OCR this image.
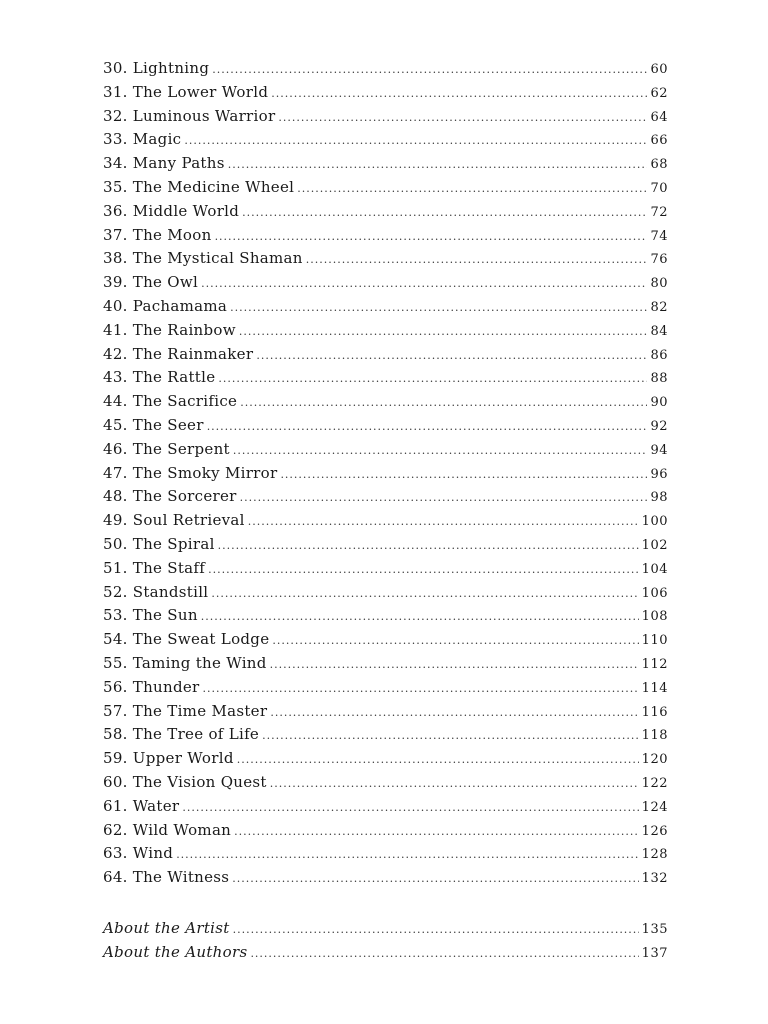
30. Lightning .....	60
31. The Lower World .....	62
32. Luminous Warrior .....	64
33. Magic .....	66
34. Many Paths .....	68
35. The Medicine Wheel .....	70
36. Middle World .....	72
37. The Moon .....	74
38. The Mystical Shaman .....	76
39. The Owl .....	80
40. Pachamama .....	82
41. The Rainbow .....	84
42. The Rainmaker .....	86
43. The Rattle .....	88
44. The Sacrifice .....	90
45. The Seer .....	92
46. The Serpent .....	94
47. The Smoky Mirror .....	96
48. The Sorcerer .....	98
49. Soul Retrieval .....	100
50. The Spiral .....	102
51. The Staff .....	104
52. Standstill .....	106
53. The Sun .....	108
54. The Sweat Lodge .....	110
55. Taming the Wind .....	112
56. Thunder .....	114
57. The Time Master .....	116
58. The Tree of Life .....	118
59. Upper World .....	120
60. The Vision Quest .....	122
61. Water .....	124
62. Wild Woman .....	126
63. Wind .....	128
64. The Witness .....	132
About the Artist .....	135
About the Authors .....	137
